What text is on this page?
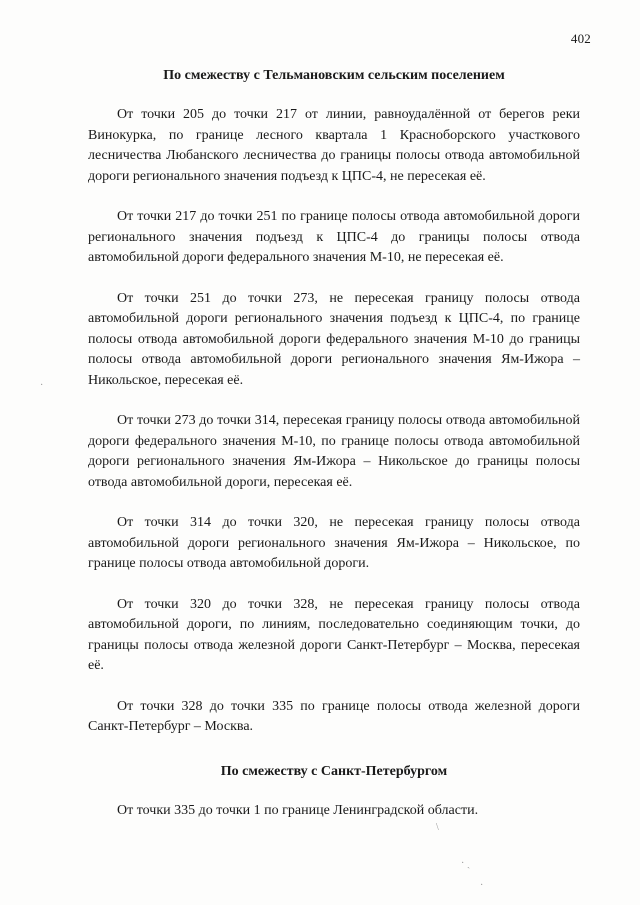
402

По смежеству с Тельмановским сельским поселением

От точки 205 до точки 217 от линии, равноудалённой от берегов реки Винокурка, по границе лесного квартала 1 Красноборского участкового лесничества Любанского лесничества до границы полосы отвода автомобильной дороги регионального значения подъезд к ЦПС-4, не пересекая её.

От точки 217 до точки 251 по границе полосы отвода автомобильной дороги регионального значения подъезд к ЦПС-4 до границы полосы отвода автомобильной дороги федерального значения М-10, не пересекая её.

От точки 251 до точки 273, не пересекая границу полосы отвода автомобильной дороги регионального значения подъезд к ЦПС-4, по границе полосы отвода автомобильной дороги федерального значения М-10 до границы полосы отвода автомобильной дороги регионального значения Ям-Ижора – Никольское, пересекая её.

От точки 273 до точки 314, пересекая границу полосы отвода автомобильной дороги федерального значения М-10, по границе полосы отвода автомобильной дороги регионального значения Ям-Ижора – Никольское до границы полосы отвода автомобильной дороги, пересекая её.

От точки 314 до точки 320, не пересекая границу полосы отвода автомобильной дороги регионального значения Ям-Ижора – Никольское, по границе полосы отвода автомобильной дороги.

От точки 320 до точки 328, не пересекая границу полосы отвода автомобильной дороги, по линиям, последовательно соединяющим точки, до границы полосы отвода железной дороги Санкт-Петербург – Москва, пересекая её.

От точки 328 до точки 335 по границе полосы отвода железной дороги Санкт-Петербург – Москва.

По смежеству с Санкт-Петербургом

От точки 335 до точки 1 по границе Ленинградской области.

\
· ˎ
·
·
